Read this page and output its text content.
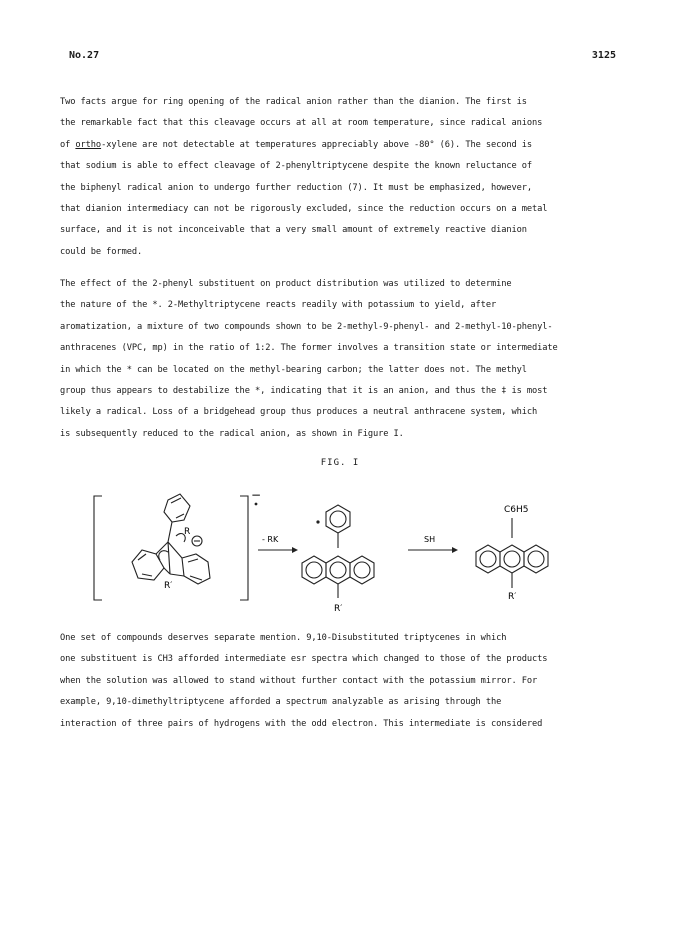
No.27	3125
Two facts argue for ring opening of the radical anion rather than the dianion. The first is
the remarkable fact that this cleavage occurs at all at room temperature, since radical anions
of ortho-xylene are not detectable at temperatures appreciably above -80° (6). The second is
that sodium is able to effect cleavage of 2-phenyltriptycene despite the known reluctance of
the biphenyl radical anion to undergo further reduction (7). It must be emphasized, however,
that dianion intermediacy can not be rigorously excluded, since the reduction occurs on a metal
surface, and it is not inconceivable that a very small amount of extremely reactive dianion
could be formed.
The effect of the 2-phenyl substituent on product distribution was utilized to determine
the nature of the *. 2-Methyltriptycene reacts readily with potassium to yield, after
aromatization, a mixture of two compounds shown to be 2-methyl-9-phenyl- and 2-methyl-10-phenyl-
anthracenes (VPC, mp) in the ratio of 1:2. The former involves a transition state or intermediate
in which the * can be located on the methyl-bearing carbon; the latter does not. The methyl
group thus appears to destabilize the *, indicating that it is an anion, and thus the ‡ is most
likely a radical. Loss of a bridgehead group thus produces a neutral anthracene system, which
is subsequently reduced to the radical anion, as shown in Figure I.
FIG. I
R
R′
−
- RK
R′
SH
C6H5
R′
One set of compounds deserves separate mention. 9,10-Disubstituted triptycenes in which
one substituent is CH3 afforded intermediate esr spectra which changed to those of the products
when the solution was allowed to stand without further contact with the potassium mirror. For
example, 9,10-dimethyltriptycene afforded a spectrum analyzable as arising through the
interaction of three pairs of hydrogens with the odd electron. This intermediate is considered
